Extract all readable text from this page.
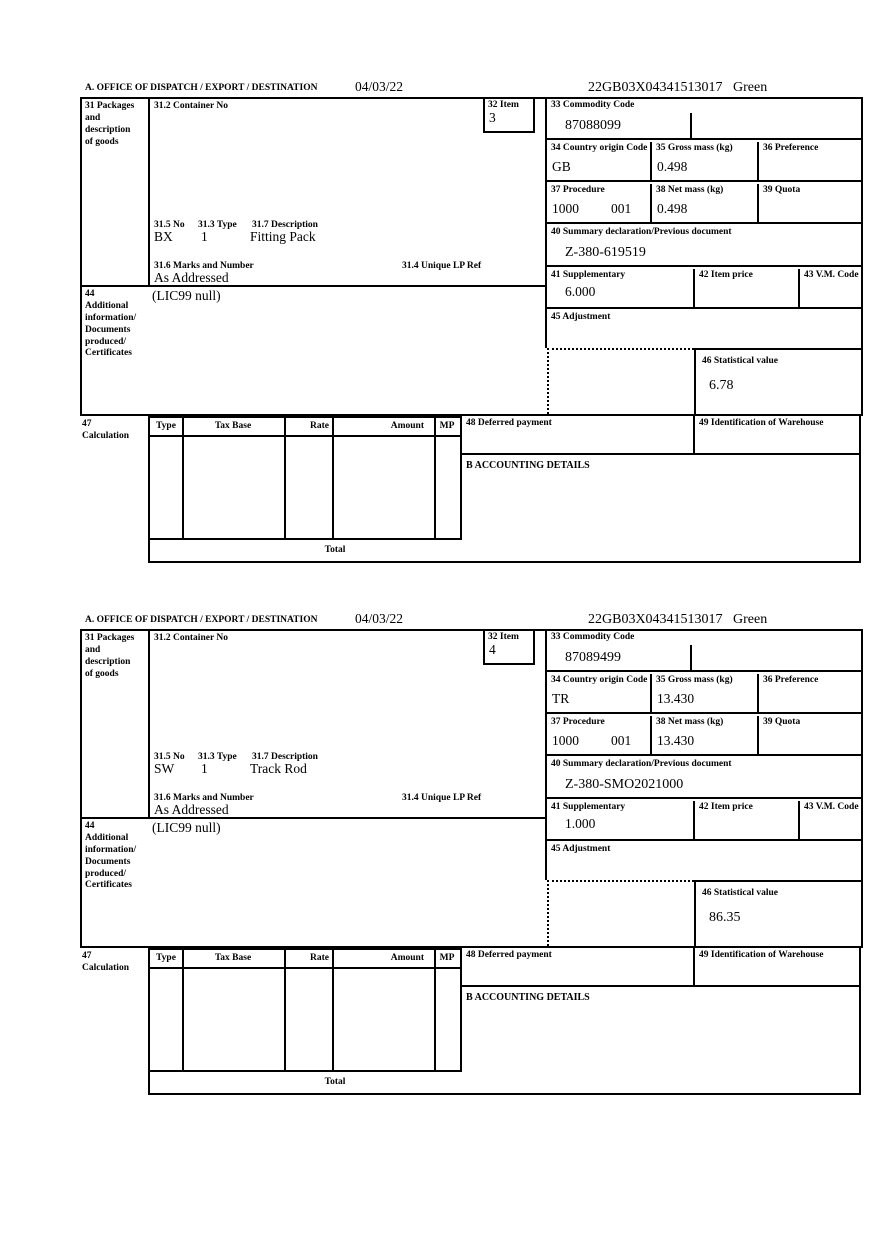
A. OFFICE OF DISPATCH / EXPORT / DESTINATION	04/03/22	22GB03X04341513017 Green
31 Packages
and
description
of goods
44
Additional
information/
Documents
produced/
Certificates
31.2 Container No	32 Item
3
31.5 No 31.3 Type 31.7 Description
BX 1	Fitting Pack
31.6 Marks and Number	31.4 Unique LP Ref
As Addressed
(LIC99 null)
33 Commodity Code
87088099
34 Country origin Code
GB
35 Gross mass (kg)
0.498
36 Preference
37 Procedure
1000 001
38 Net mass (kg)
0.498
39 Quota
40 Summary declaration/Previous document
Z-380-619519
41 Supplementary
6.000
42 Item price	43 V.M. Code
45 Adjustment
46 Statistical value
6.78
47
Calculation
Type	Tax Base	Rate	Amount	MP
Total
48 Deferred payment	49 Identification of Warehouse
B ACCOUNTING DETAILS
A. OFFICE OF DISPATCH / EXPORT / DESTINATION	04/03/22	22GB03X04341513017 Green
31 Packages
and
description
of goods
44
Additional
information/
Documents
produced/
Certificates
31.2 Container No	32 Item
4
31.5 No 31.3 Type 31.7 Description
SW 1	Track Rod
31.6 Marks and Number	31.4 Unique LP Ref
As Addressed
(LIC99 null)
33 Commodity Code
87089499
34 Country origin Code
TR
35 Gross mass (kg)
13.430
36 Preference
37 Procedure
1000 001
38 Net mass (kg)
13.430
39 Quota
40 Summary declaration/Previous document
Z-380-SMO2021000
41 Supplementary
1.000
42 Item price	43 V.M. Code
45 Adjustment
46 Statistical value
86.35
47
Calculation
Type	Tax Base	Rate	Amount	MP
Total
48 Deferred payment	49 Identification of Warehouse
B ACCOUNTING DETAILS
